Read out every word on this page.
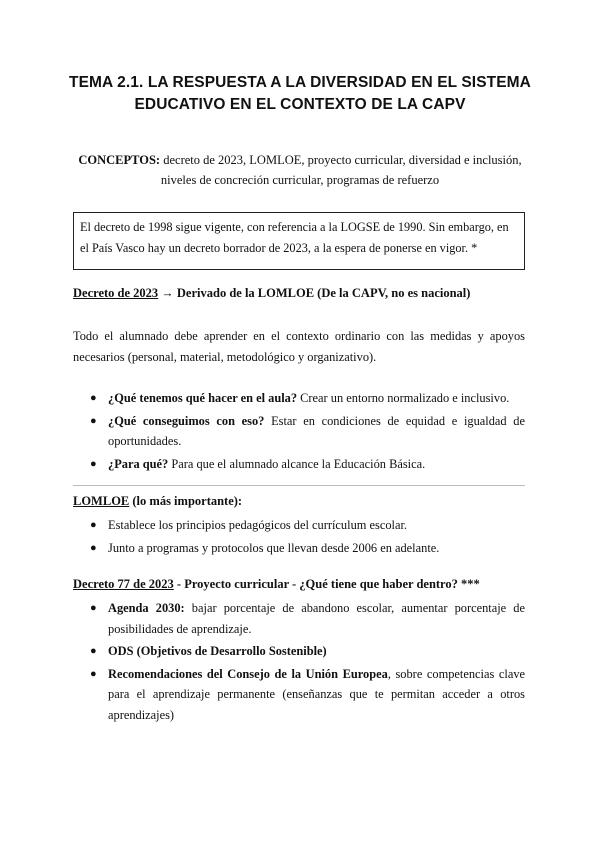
TEMA 2.1. LA RESPUESTA A LA DIVERSIDAD EN EL SISTEMA
EDUCATIVO EN EL CONTEXTO DE LA CAPV
CONCEPTOS: decreto de 2023, LOMLOE, proyecto curricular, diversidad e inclusión,
niveles de concreción curricular, programas de refuerzo
El decreto de 1998 sigue vigente, con referencia a la LOGSE de 1990. Sin embargo, en el País Vasco hay un decreto borrador de 2023, a la espera de ponerse en vigor. *
Decreto de 2023 → Derivado de la LOMLOE (De la CAPV, no es nacional)
Todo el alumnado debe aprender en el contexto ordinario con las medidas y apoyos necesarios (personal, material, metodológico y organizativo).
● ¿Qué tenemos qué hacer en el aula? Crear un entorno normalizado e inclusivo.
● ¿Qué conseguimos con eso? Estar en condiciones de equidad e igualdad de oportunidades.
● ¿Para qué? Para que el alumnado alcance la Educación Básica.
LOMLOE (lo más importante):
● Establece los principios pedagógicos del currículum escolar.
● Junto a programas y protocolos que llevan desde 2006 en adelante.
Decreto 77 de 2023 - Proyecto curricular - ¿Qué tiene que haber dentro? ***
● Agenda 2030: bajar porcentaje de abandono escolar, aumentar porcentaje de posibilidades de aprendizaje.
● ODS (Objetivos de Desarrollo Sostenible)
● Recomendaciones del Consejo de la Unión Europea, sobre competencias clave para el aprendizaje permanente (enseñanzas que te permitan acceder a otros aprendizajes)
